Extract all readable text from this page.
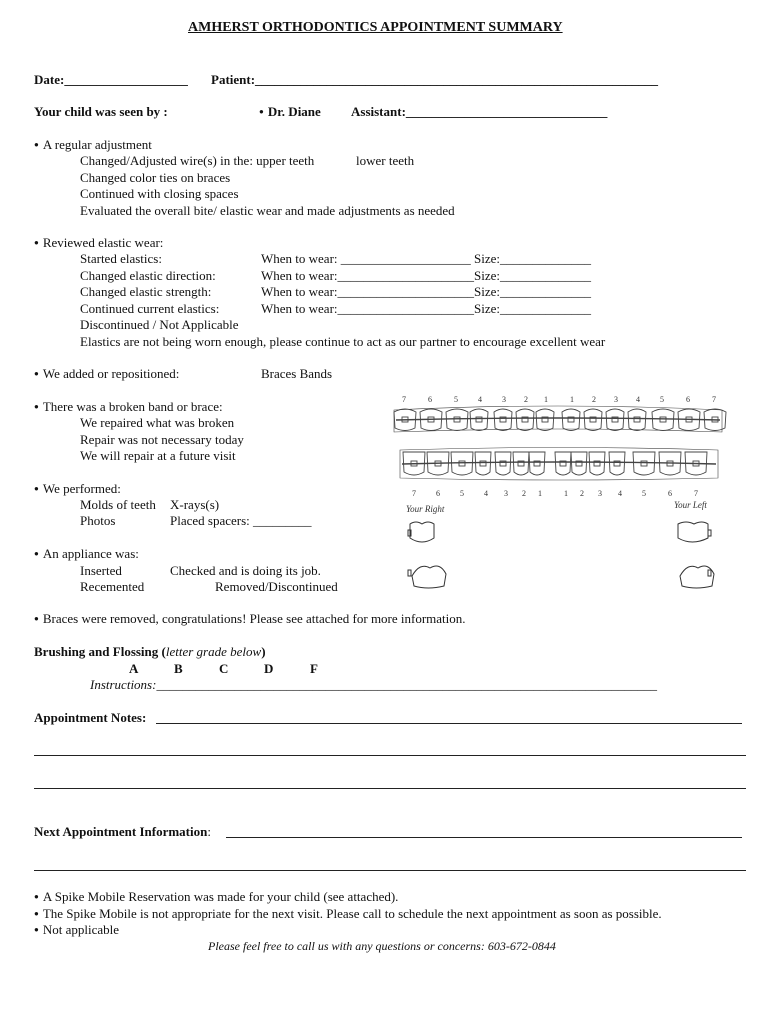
AMHERST ORTHODONTICS APPOINTMENT SUMMARY
Date:___________________ Patient:______________________________________________________________
Your child was seen by :
●	Dr. Diane Assistant:_______________________________
● A regular adjustment
Changed/Adjusted wire(s) in the: upper teeth	lower teeth
Changed color ties on braces
Continued with closing spaces
Evaluated the overall bite/ elastic wear and made adjustments as needed
● Reviewed elastic wear:
Started elastics:	When to wear: ____________________ Size:______________
Changed elastic direction:	When to wear:_____________________Size:______________
Changed elastic strength:	When to wear:_____________________Size:______________
Continued current elastics:	When to wear:_____________________Size:______________
Discontinued / Not Applicable
Elastics are not being worn enough, please continue to act as our partner to encourage excellent wear
● We added or repositioned:	Braces Bands
● There was a broken band or brace:
We repaired what was broken
Repair was not necessary today
We will repair at a future visit
● We performed:
Molds of teeth X-rays(s)
Photos	Placed spacers: _________
● An appliance was:
Inserted	Checked and is doing its job.
Recemented	Removed/Discontinued
● Braces were removed, congratulations! Please see attached for more information.
Brushing and Flossing (letter grade below)
A	B	C	D	F
Instructions:_____________________________________________________________________________
Appointment Notes:
Next Appointment Information:
● A Spike Mobile Reservation was made for your child (see attached).
● The Spike Mobile is not appropriate for the next visit. Please call to schedule the next appointment as soon as possible.
● Not applicable
Please feel free to call us with any questions or concerns: 603-672-0844
7	6	5	4	3 2 1	1 2 3 4	5	6	7
7	6	5	4 3 2 1	1 2 3 4	5	6	7
Your Right	Your Left
